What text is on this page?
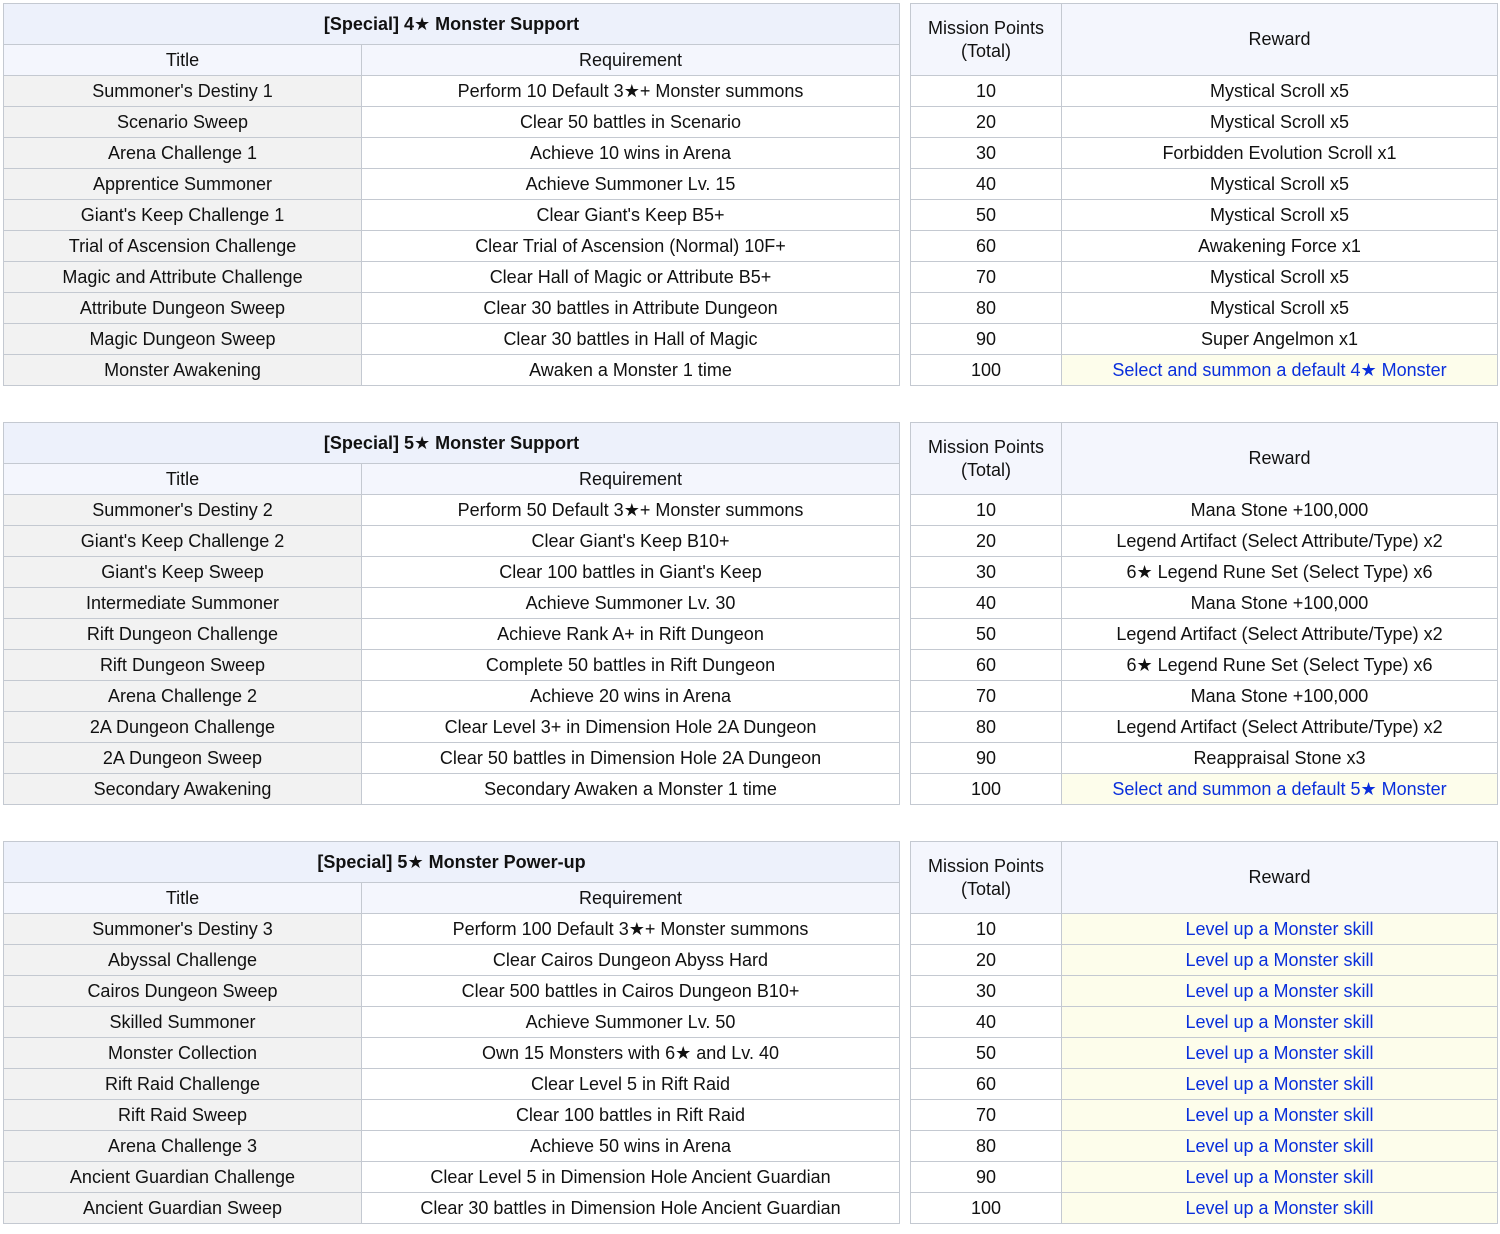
[Special] 4★ Monster Support	
Title	Requirement
Summoner's Destiny 1	Perform 10 Default 3★+ Monster summons
Scenario Sweep	Clear 50 battles in Scenario
Arena Challenge 1	Achieve 10 wins in Arena
Apprentice Summoner	Achieve Summoner Lv. 15
Giant's Keep Challenge 1	Clear Giant's Keep B5+
Trial of Ascension Challenge	Clear Trial of Ascension (Normal) 10F+
Magic and Attribute Challenge	Clear Hall of Magic or Attribute B5+
Attribute Dungeon Sweep	Clear 30 battles in Attribute Dungeon
Magic Dungeon Sweep	Clear 30 battles in Hall of Magic
Monster Awakening	Awaken a Monster 1 time
Mission Points
(Total)	Reward
10	Mystical Scroll x5
20	Mystical Scroll x5
30	Forbidden Evolution Scroll x1
40	Mystical Scroll x5
50	Mystical Scroll x5
60	Awakening Force x1
70	Mystical Scroll x5
80	Mystical Scroll x5
90	Super Angelmon x1
100	Select and summon a default 4★ Monster
[Special] 5★ Monster Support	
Title	Requirement
Summoner's Destiny 2	Perform 50 Default 3★+ Monster summons
Giant's Keep Challenge 2	Clear Giant's Keep B10+
Giant's Keep Sweep	Clear 100 battles in Giant's Keep
Intermediate Summoner	Achieve Summoner Lv. 30
Rift Dungeon Challenge	Achieve Rank A+ in Rift Dungeon
Rift Dungeon Sweep	Complete 50 battles in Rift Dungeon
Arena Challenge 2	Achieve 20 wins in Arena
2A Dungeon Challenge	Clear Level 3+ in Dimension Hole 2A Dungeon
2A Dungeon Sweep	Clear 50 battles in Dimension Hole 2A Dungeon
Secondary Awakening	Secondary Awaken a Monster 1 time
Mission Points
(Total)	Reward
10	Mana Stone +100,000
20	Legend Artifact (Select Attribute/Type) x2
30	6★ Legend Rune Set (Select Type) x6
40	Mana Stone +100,000
50	Legend Artifact (Select Attribute/Type) x2
60	6★ Legend Rune Set (Select Type) x6
70	Mana Stone +100,000
80	Legend Artifact (Select Attribute/Type) x2
90	Reappraisal Stone x3
100	Select and summon a default 5★ Monster
[Special] 5★ Monster Power-up	
Title	Requirement
Summoner's Destiny 3	Perform 100 Default 3★+ Monster summons
Abyssal Challenge	Clear Cairos Dungeon Abyss Hard
Cairos Dungeon Sweep	Clear 500 battles in Cairos Dungeon B10+
Skilled Summoner	Achieve Summoner Lv. 50
Monster Collection	Own 15 Monsters with 6★ and Lv. 40
Rift Raid Challenge	Clear Level 5 in Rift Raid
Rift Raid Sweep	Clear 100 battles in Rift Raid
Arena Challenge 3	Achieve 50 wins in Arena
Ancient Guardian Challenge	Clear Level 5 in Dimension Hole Ancient Guardian
Ancient Guardian Sweep	Clear 30 battles in Dimension Hole Ancient Guardian
Mission Points
(Total)	Reward
10	Level up a Monster skill
20	Level up a Monster skill
30	Level up a Monster skill
40	Level up a Monster skill
50	Level up a Monster skill
60	Level up a Monster skill
70	Level up a Monster skill
80	Level up a Monster skill
90	Level up a Monster skill
100	Level up a Monster skill
